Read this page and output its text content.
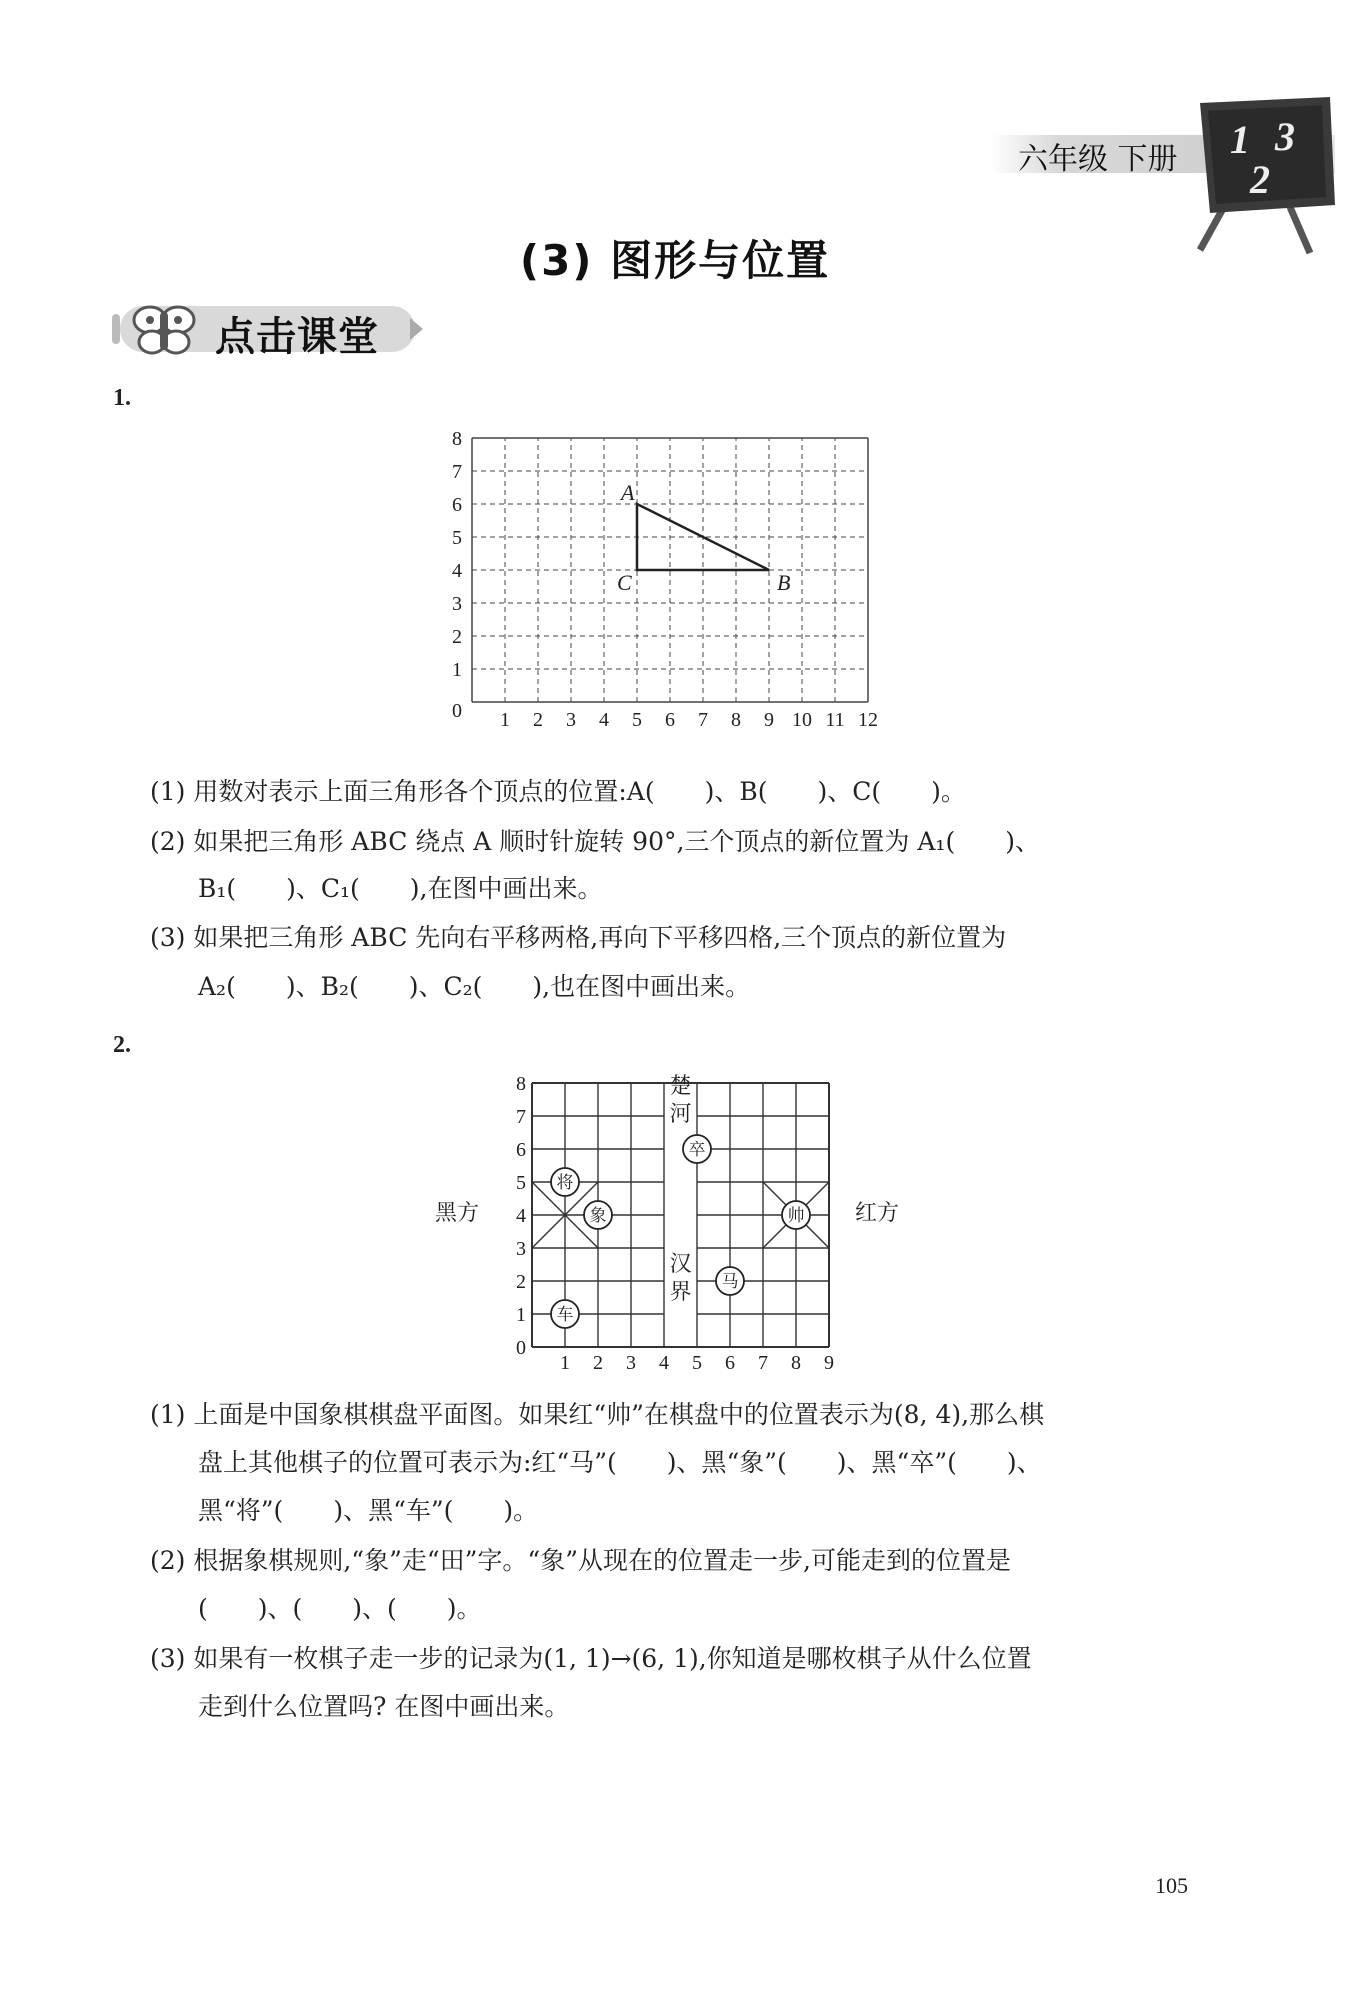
六年级 下册 1 3
2
(3) 图形与位置
点击课堂
1.
1 2 3 4 5 6 7 8 9 10 11 12
0
1
2
3
4
5
6
7
8
A
B
C
(1) 用数对表示上面三角形各个顶点的位置:A(　　)、B(　　)、C(　　)。
(2) 如果把三角形 ABC 绕点 A 顺时针旋转 90°,三个顶点的新位置为 A₁(　　)、
B₁(　　)、C₁(　　),在图中画出来。
(3) 如果把三角形 ABC 先向右平移两格,再向下平移四格,三个顶点的新位置为
A₂(　　)、B₂(　　)、C₂(　　),也在图中画出来。
2.
黑方	红方
1 2 3 4 5 6 7 8 9
0
1
2
3
4
5
6
7
8	楚
河
汉
界
将
象
车
卒
马
帅
(1) 上面是中国象棋棋盘平面图。如果红“帅”在棋盘中的位置表示为(8, 4),那么棋
盘上其他棋子的位置可表示为:红“马”(　　)、黑“象”(　　)、黑“卒”(　　)、
黑“将”(　　)、黑“车”(　　)。
(2) 根据象棋规则,“象”走“田”字。“象”从现在的位置走一步,可能走到的位置是
(　　)、(　　)、(　　)。
(3) 如果有一枚棋子走一步的记录为(1, 1)→(6, 1),你知道是哪枚棋子从什么位置
走到什么位置吗? 在图中画出来。
105
